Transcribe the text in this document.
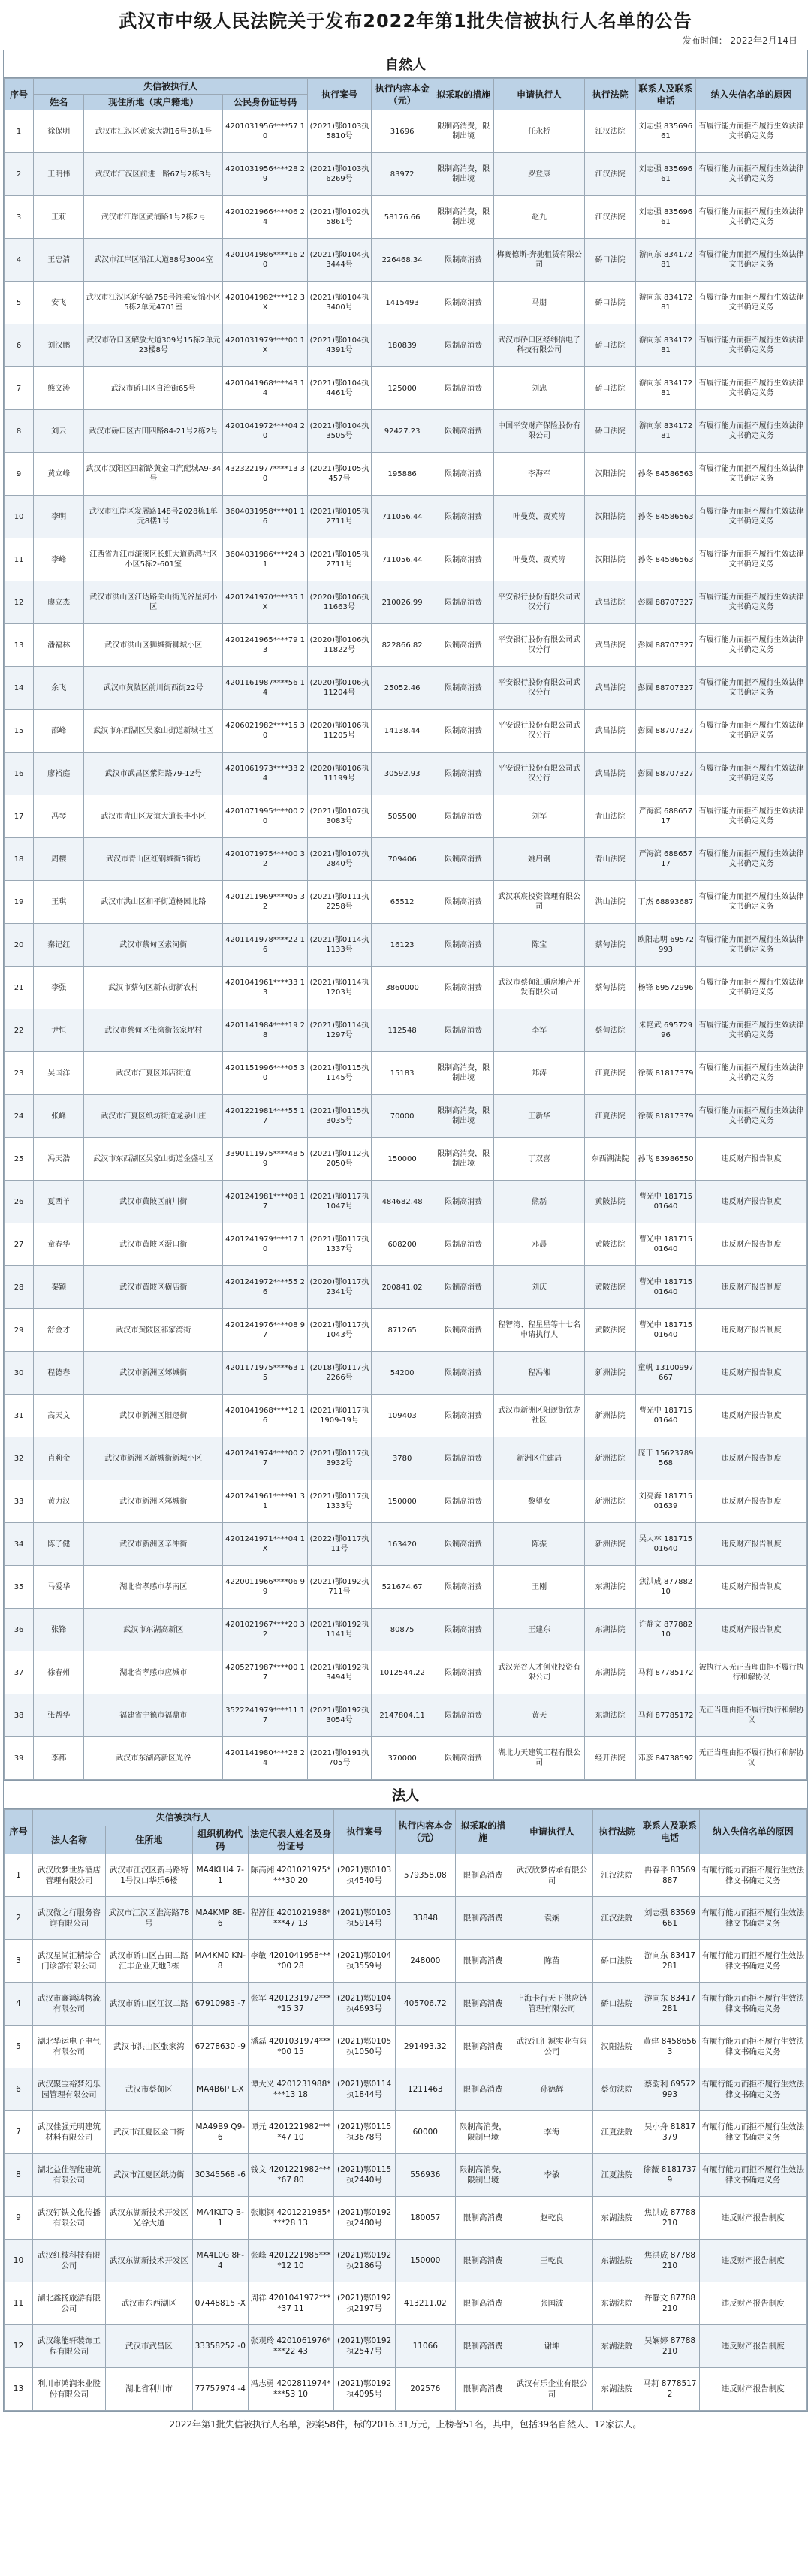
武汉市中级人民法院关于发布2022年第1批失信被执行人名单的公告
发布时间： 2022年2月14日
自然人
序号	失信被执行人			执行案号	执行内容本金（元）	拟采取的措施	申请执行人	执行法院	联系人及联系电话	纳入失信名单的原因
	姓名	现住所地（或户籍地）	公民身份证号码							
1	徐保明	武汉市江汉区黄家大湖16号3栋1号	4201031956****57 10	(2021)鄂0103执5810号	31696	限制高消费，限制出境	任永桥	江汉法院	刘志强 83569661	有履行能力而拒不履行生效法律文书确定义务
2	王明伟	武汉市江汉区前进一路67号2栋3号	4201031956****28 29	(2021)鄂0103执6269号	83972	限制高消费，限制出境	罗登康	江汉法院	刘志强 83569661	有履行能力而拒不履行生效法律文书确定义务
3	王莉	武汉市江岸区黄浦路1号2栋2号	4201021966****06 24	(2021)鄂0102执5861号	58176.66	限制高消费，限制出境	赵九	江汉法院	刘志强 83569661	有履行能力而拒不履行生效法律文书确定义务
4	王忠清	武汉市江岸区沿江大道88号3004室	4201041986****16 20	(2021)鄂0104执3444号	226468.34	限制高消费	梅赛德斯-奔驰租赁有限公司	硚口法院	游向东 83417281	有履行能力而拒不履行生效法律文书确定义务
5	安飞	武汉市江汉区新华路758号湘乘安锦小区5栋2单元4701室	4201041982****12 3X	(2021)鄂0104执3400号	1415493	限制高消费	马朋	硚口法院	游向东 83417281	有履行能力而拒不履行生效法律文书确定义务
6	刘汉鹏	武汉市硚口区解放大道309号15栋2单元23楼8号	4201031979****00 1X	(2021)鄂0104执4391号	180839	限制高消费	武汉市硚口区经纬信电子科技有限公司	硚口法院	游向东 83417281	有履行能力而拒不履行生效法律文书确定义务
7	熊文涛	武汉市硚口区自治街65号	4201041968****43 14	(2021)鄂0104执4461号	125000	限制高消费	刘忠	硚口法院	游向东 83417281	有履行能力而拒不履行生效法律文书确定义务
8	刘云	武汉市硚口区古田四路84-21号2栋2号	4201041972****04 20	(2021)鄂0104执3505号	92427.23	限制高消费	中国平安财产保险股份有限公司	硚口法院	游向东 83417281	有履行能力而拒不履行生效法律文书确定义务
9	黄立峰	武汉市汉阳区四新路黄金口汽配城A9-34号	4323221977****13 30	(2021)鄂0105执457号	195886	限制高消费	李海军	汉阳法院	孙冬 84586563	有履行能力而拒不履行生效法律文书确定义务
10	李明	武汉市江岸区发展路148号2028栋1单元8楼1号	3604031958****01 16	(2021)鄂0105执2711号	711056.44	限制高消费	叶曼英，贾英涛	汉阳法院	孙冬 84586563	有履行能力而拒不履行生效法律文书确定义务
11	李峰	江西省九江市濂溪区长虹大道新鸿社区小区5栋2-601室	3604031986****24 31	(2021)鄂0105执2711号	711056.44	限制高消费	叶曼英，贾英涛	汉阳法院	孙冬 84586563	有履行能力而拒不履行生效法律文书确定义务
12	廖立杰	武汉市洪山区江达路关山街光谷星河小区	4201241970****35 1X	(2020)鄂0106执11663号	210026.99	限制高消费	平安银行股份有限公司武汉分行	武昌法院	彭圆 88707327	有履行能力而拒不履行生效法律文书确定义务
13	潘福林	武汉市洪山区狮城街狮城小区	4201241965****79 13	(2020)鄂0106执11822号	822866.82	限制高消费	平安银行股份有限公司武汉分行	武昌法院	彭圆 88707327	有履行能力而拒不履行生效法律文书确定义务
14	余飞	武汉市黄陂区前川街西街22号	4201161987****56 14	(2020)鄂0106执11204号	25052.46	限制高消费	平安银行股份有限公司武汉分行	武昌法院	彭圆 88707327	有履行能力而拒不履行生效法律文书确定义务
15	邵峰	武汉市东西湖区吴家山街道新城社区	4206021982****15 30	(2020)鄂0106执11205号	14138.44	限制高消费	平安银行股份有限公司武汉分行	武昌法院	彭圆 88707327	有履行能力而拒不履行生效法律文书确定义务
16	廖裕庭	武汉市武昌区紫阳路79-12号	4201061973****33 24	(2020)鄂0106执11199号	30592.93	限制高消费	平安银行股份有限公司武汉分行	武昌法院	彭圆 88707327	有履行能力而拒不履行生效法律文书确定义务
17	冯琴	武汉市青山区友谊大道长丰小区	4201071995****00 20	(2021)鄂0107执3083号	505500	限制高消费	刘军	青山法院	严海滨 68865717	有履行能力而拒不履行生效法律文书确定义务
18	周樱	武汉市青山区红钢城街5街坊	4201071975****00 32	(2021)鄂0107执2840号	709406	限制高消费	姚启钢	青山法院	严海滨 68865717	有履行能力而拒不履行生效法律文书确定义务
19	王琪	武汉市洪山区和平街道杨园北路	4201211969****05 32	(2021)鄂0111执2258号	65512	限制高消费	武汉联宸投资管理有限公司	洪山法院	丁杰 68893687	有履行能力而拒不履行生效法律文书确定义务
20	秦记红	武汉市蔡甸区索河街	4201141978****22 16	(2021)鄂0114执1133号	16123	限制高消费	陈宝	蔡甸法院	欧阳志明 69572993	有履行能力而拒不履行生效法律文书确定义务
21	李强	武汉市蔡甸区新农街新农村	4201041961****33 13	(2021)鄂0114执1203号	3860000	限制高消费	武汉市蔡甸汇通房地产开发有限公司	蔡甸法院	杨锋 69572996	有履行能力而拒不履行生效法律文书确定义务
22	尹恒	武汉市蔡甸区张湾街张家坪村	4201141984****19 28	(2021)鄂0114执1297号	112548	限制高消费	李军	蔡甸法院	朱艳武 69572996	有履行能力而拒不履行生效法律文书确定义务
23	吴国洋	武汉市江夏区郑店街道	4201151996****05 30	(2021)鄂0115执1145号	15183	限制高消费，限制出境	郑涛	江夏法院	徐薇 81817379	有履行能力而拒不履行生效法律文书确定义务
24	张峰	武汉市江夏区纸坊街道龙泉山庄	4201221981****55 17	(2021)鄂0115执3035号	70000	限制高消费，限制出境	王新华	江夏法院	徐薇 81817379	有履行能力而拒不履行生效法律文书确定义务
25	冯天浩	武汉市东西湖区吴家山街道金盛社区	3390111975****48 59	(2021)鄂0112执2050号	150000	限制高消费，限制出境	丁双喜	东西湖法院	孙飞 83986550	违反财产报告制度
26	夏西羊	武汉市黄陂区前川街	4201241981****08 17	(2021)鄂0117执1047号	484682.48	限制高消费	熊磊	黄陂法院	曹光中 18171501640	违反财产报告制度
27	童春华	武汉市黄陂区滠口街	4201241979****17 10	(2021)鄂0117执1337号	608200	限制高消费	邓晨	黄陂法院	曹光中 18171501640	违反财产报告制度
28	秦颖	武汉市黄陂区横店街	4201241972****55 26	(2020)鄂0117执2341号	200841.02	限制高消费	刘庆	黄陂法院	曹光中 18171501640	违反财产报告制度
29	舒金才	武汉市黄陂区祁家湾街	4201241976****08 97	(2021)鄂0117执1043号	871265	限制高消费	程智湾、程星星等十七名申请执行人	黄陂法院	曹光中 18171501640	违反财产报告制度
30	程德春	武汉市新洲区邾城街	4201171975****63 15	(2018)鄂0117执2266号	54200	限制高消费	程冯湘	新洲法院	童帆 13100997667	违反财产报告制度
31	高天文	武汉市新洲区阳逻街	4201041968****12 16	(2021)鄂0117执1909-19号	109403	限制高消费	武汉市新洲区阳逻街铁龙社区	新洲法院	曹光中 18171501640	违反财产报告制度
32	肖莉金	武汉市新洲区新城街新城小区	4201241974****00 27	(2021)鄂0117执3932号	3780	限制高消费	新洲区住建局	新洲法院	庞干 15623789568	违反财产报告制度
33	黄力汉	武汉市新洲区邾城街	4201241961****91 31	(2021)鄂0117执1333号	150000	限制高消费	黎望女	新洲法院	刘亮海 18171501639	违反财产报告制度
34	陈子健	武汉市新洲区辛冲街	4201241971****04 1X	(2022)鄂0117执11号	163420	限制高消费	陈振	新洲法院	吴大林 18171501640	违反财产报告制度
35	马爱华	湖北省孝感市孝南区	4220011966****06 99	(2021)鄂0192执711号	521674.67	限制高消费	王刚	东湖法院	焦洪成 87788210	违反财产报告制度
36	张锋	武汉市东湖高新区	4201021967****20 32	(2021)鄂0192执1141号	80875	限制高消费	王建东	东湖法院	许静文 87788210	违反财产报告制度
37	徐春州	湖北省孝感市应城市	4205271987****00 17	(2021)鄂0192执3494号	1012544.22	限制高消费	武汉光谷人才创业投资有限公司	东湖法院	马莉 87785172	被执行人无正当理由拒不履行执行和解协议
38	张帮华	福建省宁德市福鼎市	3522241979****11 17	(2021)鄂0192执3054号	2147804.11	限制高消费	黄天	东湖法院	马莉 87785172	无正当理由拒不履行执行和解协议
39	李都	武汉市东湖高新区光谷	4201141980****28 24	(2021)鄂0191执705号	370000	限制高消费	湖北力天建筑工程有限公司	经开法院	邓彦 84738592	无正当理由拒不履行执行和解协议
法人
序号	失信被执行人				执行案号	执行内容本金（元）	拟采取的措施	申请执行人	执行法院	联系人及联系电话	纳入失信名单的原因
	法人名称	住所地	组织机构代码	法定代表人姓名及身份证号							
1	武汉欣梦世界酒店管理有限公司	武汉市江汉区新马路特1号汉口华乐6楼	MA4KLU4 7-1	陈高湘 4201021975****30 20	(2021)鄂0103执4540号	579358.08	限制高消费	武汉欣梦传承有限公司	江汉法院	冉春平 83569887	有履行能力而拒不履行生效法律文书确定义务
2	武汉微之行服务咨询有限公司	武汉市江汉区淮海路78号	MA4KMP 8E-6	程淳征 4201021988****47 13	(2021)鄂0103执5914号	33848	限制高消费	袁娴	江汉法院	刘志强 83569661	有履行能力而拒不履行生效法律文书确定义务
3	武汉星尚汇精综合门诊部有限公司	武汉市硚口区古田二路汇丰企业天地3栋	MA4KM0 KN-8	李敏 4201041958****00 28	(2021)鄂0104执3559号	248000	限制高消费	陈苗	硚口法院	游向东 83417281	有履行能力而拒不履行生效法律文书确定义务
4	武汉市鑫鸿鸿物流有限公司	武汉市硚口区江汉二路	67910983 -7	张军 4201231972****15 37	(2021)鄂0104执4693号	405706.72	限制高消费	上海卡行天下供应链管理有限公司	硚口法院	游向东 83417281	有履行能力而拒不履行生效法律文书确定义务
5	湖北华运电子电气有限公司	武汉市洪山区张家湾	67278630 -9	潘磊 4201031974****00 15	(2021)鄂0105执1050号	291493.32	限制高消费	武汉江汇源实业有限公司	汉阳法院	黄建 84586563	有履行能力而拒不履行生效法律文书确定义务
6	武汉聚宝裕梦幻乐园管理有限公司	武汉市蔡甸区	MA4B6P L-X	谭大义 4201231988****13 18	(2021)鄂0114执1844号	1211463	限制高消费	孙德辉	蔡甸法院	蔡韵利 69572993	有履行能力而拒不履行生效法律文书确定义务
7	武汉佳强元明建筑材料有限公司	武汉市江夏区金口街	MA49B9 Q9-6	谭元 4201221982****47 10	(2021)鄂0115执3678号	60000	限制高消费，限制出境	李海	江夏法院	吴小舟 81817379	有履行能力而拒不履行生效法律文书确定义务
8	湖北益佳智能建筑有限公司	武汉市江夏区纸坊街	30345568 -6	钱文 4201221982****67 80	(2021)鄂0115执2440号	556936	限制高消费，限制出境	李敏	江夏法院	徐薇 81817379	有履行能力而拒不履行生效法律文书确定义务
9	武汉钉铁文化传播有限公司	武汉东湖新技术开发区光谷大道	MA4KLTQ B-1	张顺钢 4201221985****28 13	(2021)鄂0192执2480号	180057	限制高消费	赵乾良	东湖法院	焦洪成 87788210	违反财产报告制度
10	武汉红枝科技有限公司	武汉东湖新技术开发区	MA4L0G 8F-4	张峰 4201221985****12 10	(2021)鄂0192执2186号	150000	限制高消费	王乾良	东湖法院	焦洪成 87788210	违反财产报告制度
11	湖北鑫扬旅游有限公司	武汉市东西湖区	07448815 -X	周祥 4201041972****37 11	(2021)鄂0192执2197号	413211.02	限制高消费	张国波	东湖法院	许静文 87788210	违反财产报告制度
12	武汉缘能轩装饰工程有限公司	武汉市武昌区	33358252 -0	张观玲 4201061976****22 43	(2021)鄂0192执2547号	11066	限制高消费	谢坤	东湖法院	吴娴婷 87788210	违反财产报告制度
13	利川市鸿润米业股份有限公司	湖北省利川市	77757974 -4	冯志勇 4202811974****53 10	(2021)鄂0192执4095号	202576	限制高消费	武汉有乐企业有限公司	东湖法院	马莉 87785172	违反财产报告制度
2022年第1批失信被执行人名单，涉案58件，标的2016.31万元，上榜者51名，其中，包括39名自然人、12家法人。
